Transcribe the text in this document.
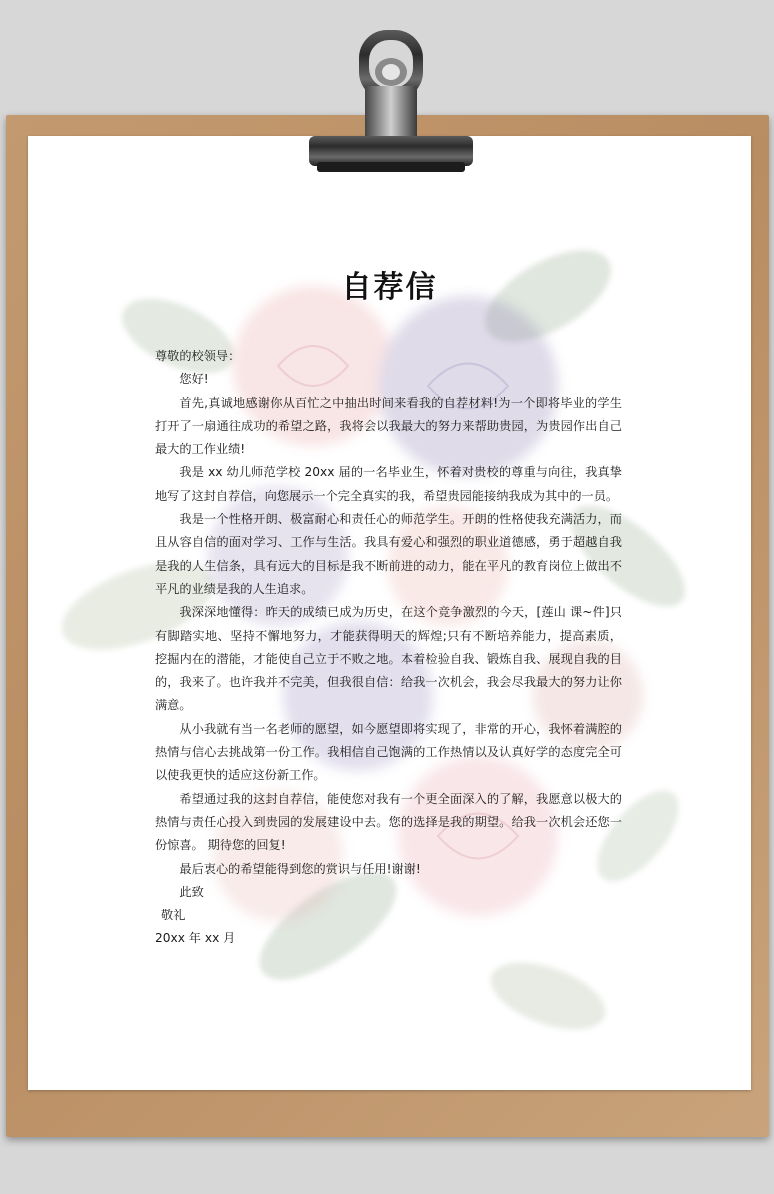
自荐信

尊敬的校领导：

您好!

首先,真诚地感谢你从百忙之中抽出时间来看我的自荐材料!为一个即将毕业的学生打开了一扇通往成功的希望之路，我将会以我最大的努力来帮助贵园，为贵园作出自己最大的工作业绩!

我是 xx 幼儿师范学校 20xx 届的一名毕业生，怀着对贵校的尊重与向往，我真挚地写了这封自荐信，向您展示一个完全真实的我，希望贵园能接纳我成为其中的一员。

我是一个性格开朗、极富耐心和责任心的师范学生。开朗的性格使我充满活力，而且从容自信的面对学习、工作与生活。我具有爱心和强烈的职业道德感，勇于超越自我是我的人生信条，具有远大的目标是我不断前进的动力，能在平凡的教育岗位上做出不平凡的业绩是我的人生追求。

我深深地懂得：昨天的成绩已成为历史，在这个竞争激烈的今天，[莲山 课~件]只有脚踏实地、坚持不懈地努力，才能获得明天的辉煌;只有不断培养能力，提高素质，挖掘内在的潜能，才能使自己立于不败之地。本着检验自我、锻炼自我、展现自我的目的，我来了。也许我并不完美，但我很自信：给我一次机会，我会尽我最大的努力让你满意。

从小我就有当一名老师的愿望，如今愿望即将实现了，非常的开心，我怀着满腔的热情与信心去挑战第一份工作。我相信自己饱满的工作热情以及认真好学的态度完全可以使我更快的适应这份新工作。

希望通过我的这封自荐信，能使您对我有一个更全面深入的了解，我愿意以极大的热情与责任心投入到贵园的发展建设中去。您的选择是我的期望。给我一次机会还您一份惊喜。 期待您的回复!

最后衷心的希望能得到您的赏识与任用!谢谢!

此致

敬礼

20xx 年 xx 月
